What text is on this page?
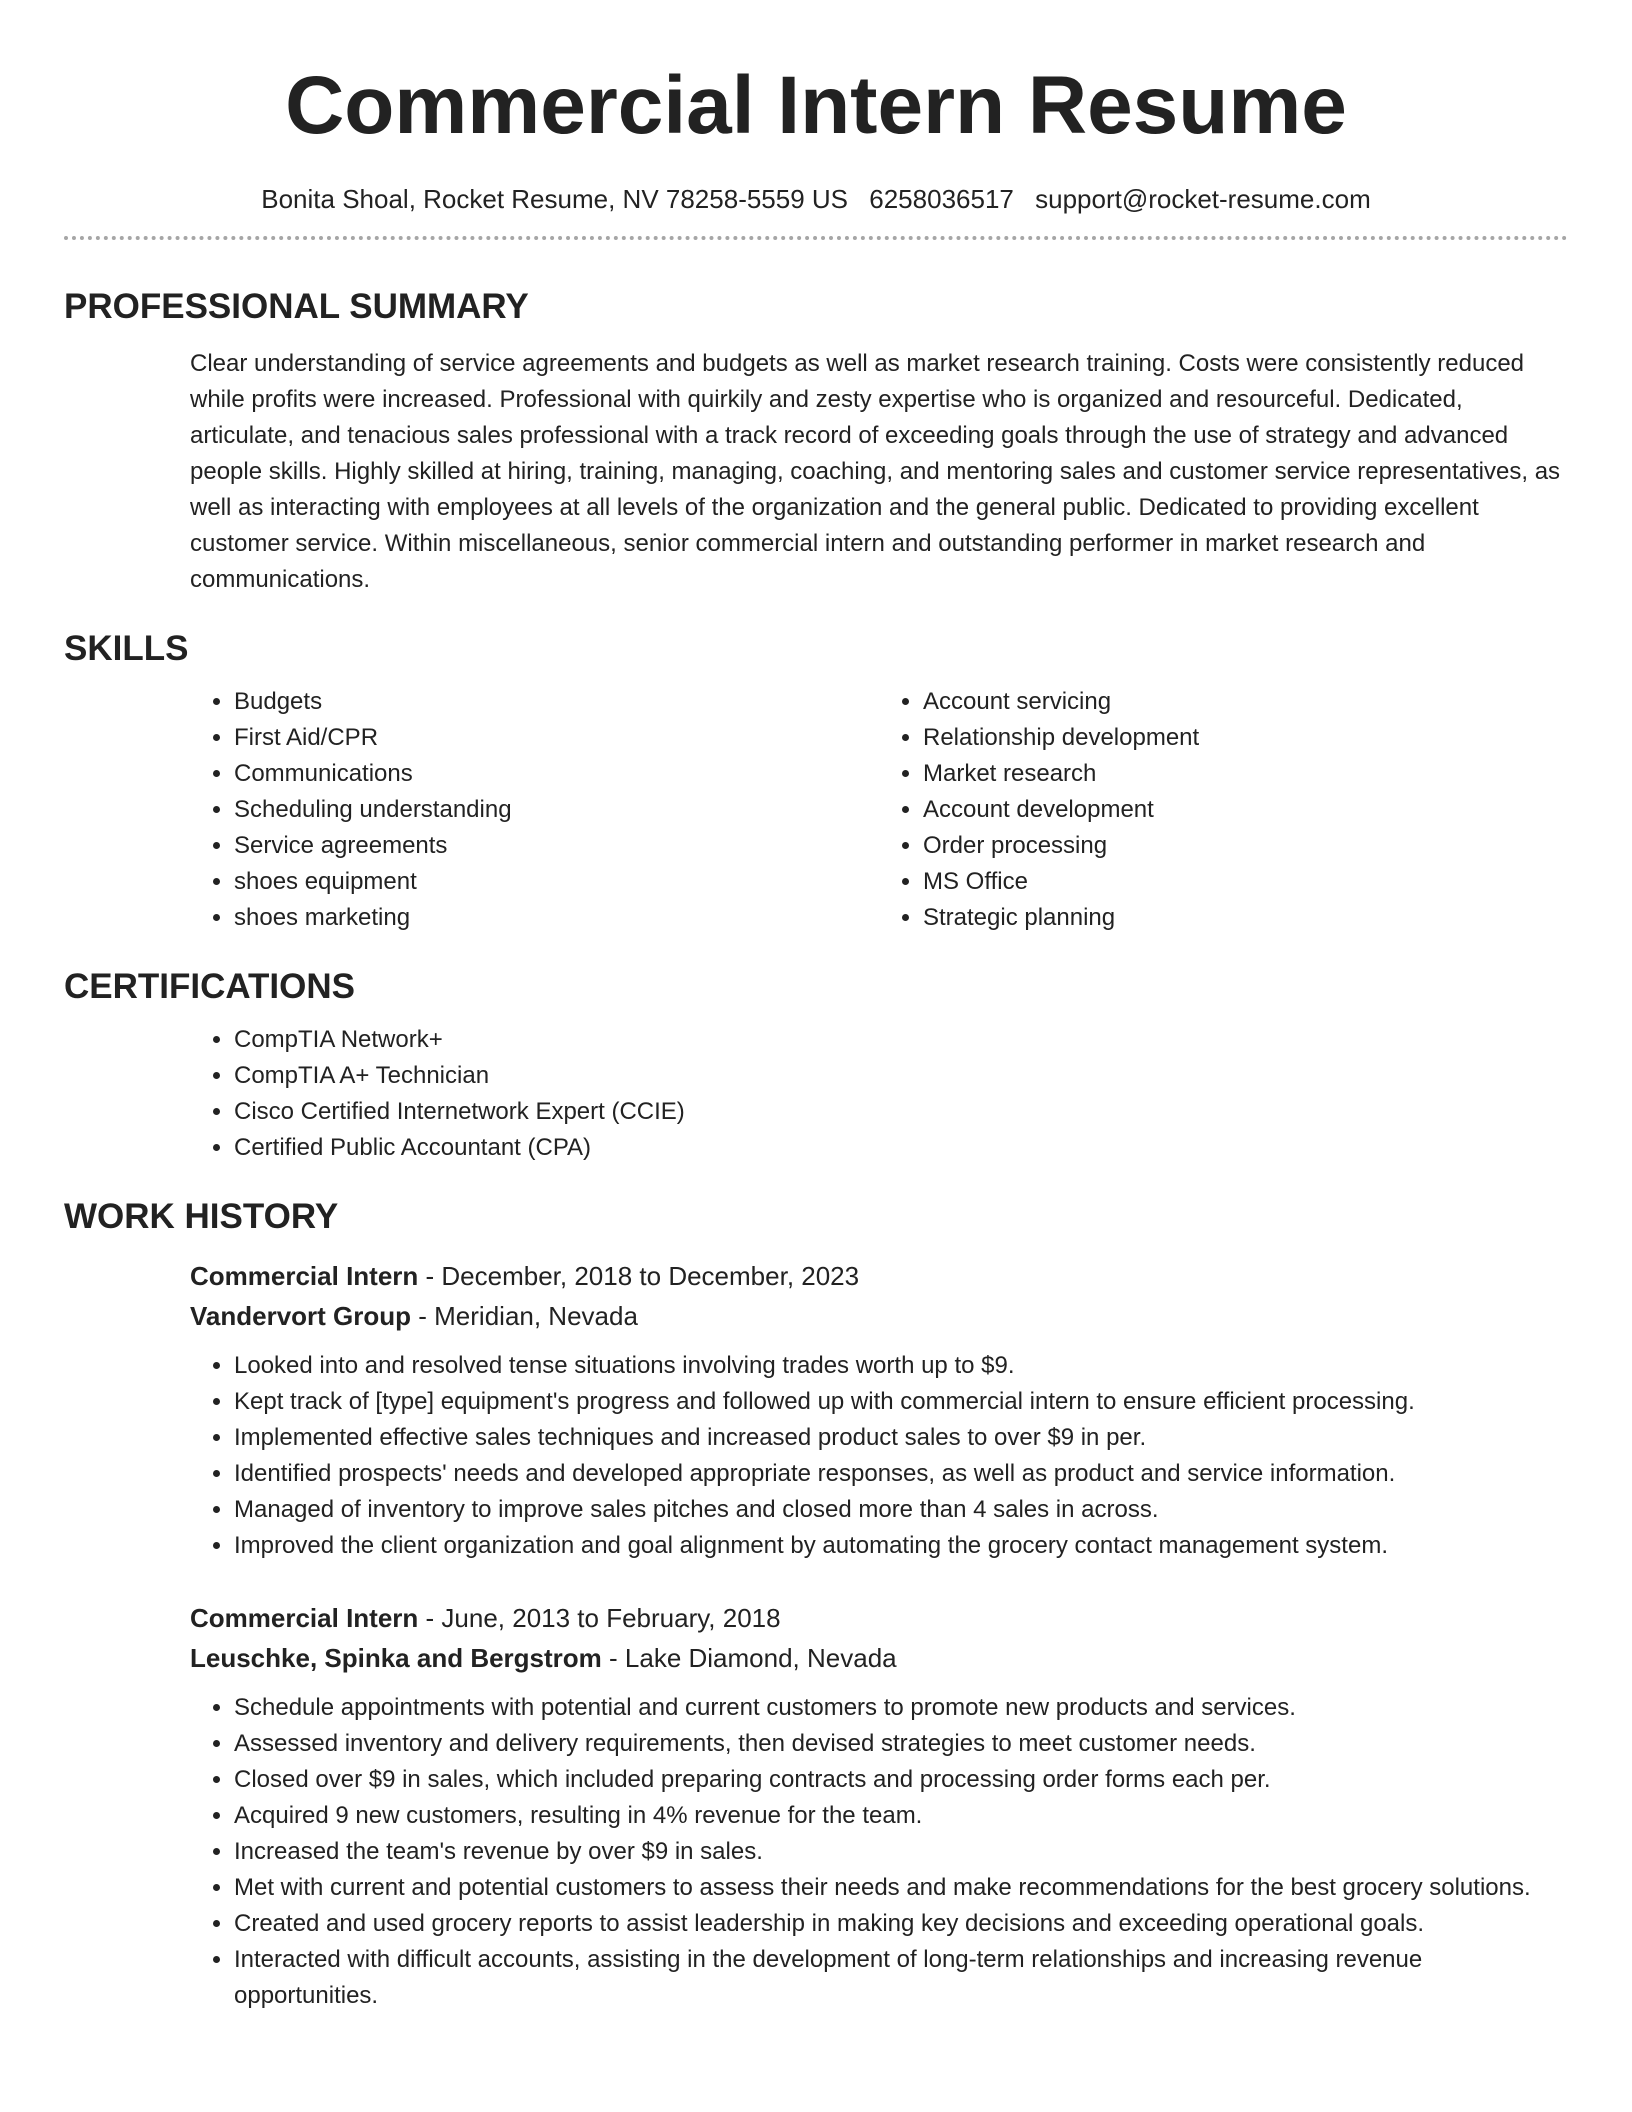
Commercial Intern Resume
Bonita Shoal, Rocket Resume, NV 78258-5559 US 6258036517 support@rocket-resume.com
PROFESSIONAL SUMMARY

Clear understanding of service agreements and budgets as well as market research training. Costs were consistently reduced while profits were increased. Professional with quirkily and zesty expertise who is organized and resourceful. Dedicated, articulate, and tenacious sales professional with a track record of exceeding goals through the use of strategy and advanced people skills. Highly skilled at hiring, training, managing, coaching, and mentoring sales and customer service representatives, as well as interacting with employees at all levels of the organization and the general public. Dedicated to providing excellent customer service. Within miscellaneous, senior commercial intern and outstanding performer in market research and communications.

SKILLS
• Budgets
• First Aid/CPR
• Communications
• Scheduling understanding
• Service agreements
• shoes equipment
• shoes marketing
• Account servicing
• Relationship development
• Market research
• Account development
• Order processing
• MS Office
• Strategic planning
CERTIFICATIONS
• CompTIA Network+
• CompTIA A+ Technician
• Cisco Certified Internetwork Expert (CCIE)
• Certified Public Accountant (CPA)
WORK HISTORY
Commercial Intern - December, 2018 to December, 2023
Vandervort Group - Meridian, Nevada
• Looked into and resolved tense situations involving trades worth up to $9.
• Kept track of [type] equipment's progress and followed up with commercial intern to ensure efficient processing.
• Implemented effective sales techniques and increased product sales to over $9 in per.
• Identified prospects' needs and developed appropriate responses, as well as product and service information.
• Managed of inventory to improve sales pitches and closed more than 4 sales in across.
• Improved the client organization and goal alignment by automating the grocery contact management system.
Commercial Intern - June, 2013 to February, 2018
Leuschke, Spinka and Bergstrom - Lake Diamond, Nevada
• Schedule appointments with potential and current customers to promote new products and services.
• Assessed inventory and delivery requirements, then devised strategies to meet customer needs.
• Closed over $9 in sales, which included preparing contracts and processing order forms each per.
• Acquired 9 new customers, resulting in 4% revenue for the team.
• Increased the team's revenue by over $9 in sales.
• Met with current and potential customers to assess their needs and make recommendations for the best grocery solutions.
• Created and used grocery reports to assist leadership in making key decisions and exceeding operational goals.
• Interacted with difficult accounts, assisting in the development of long-term relationships and increasing revenue opportunities.
